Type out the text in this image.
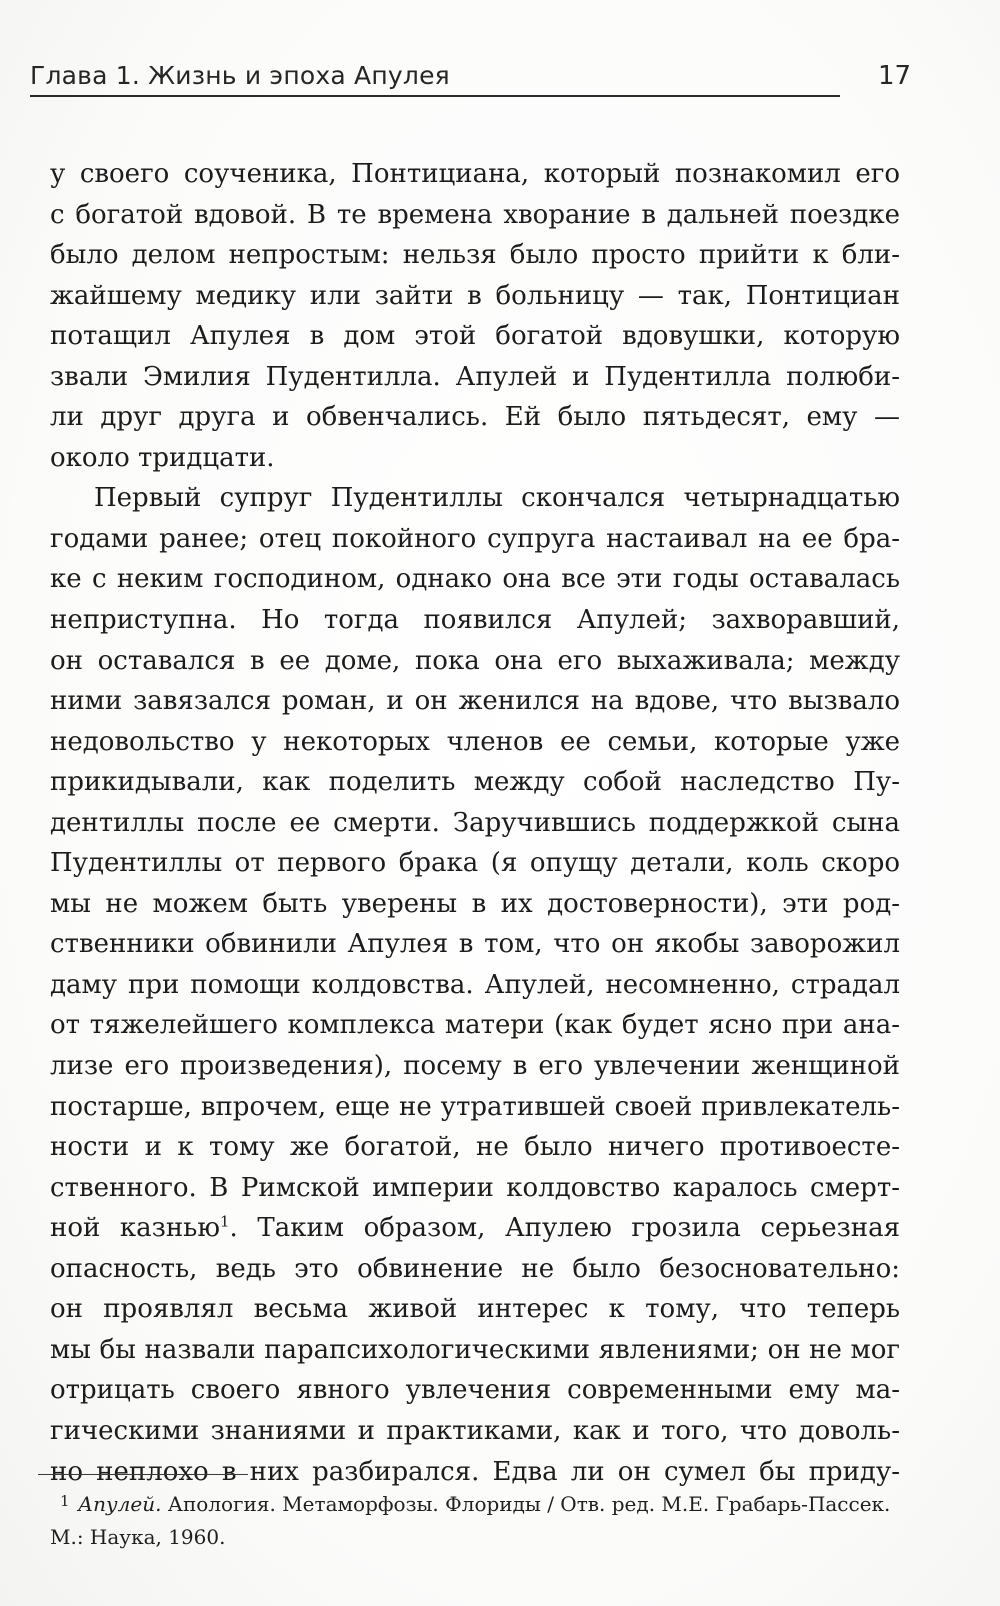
Глава 1. Жизнь и эпоха Апулея	17
у своего соученика, Понтициана, который познакомил его
с богатой вдовой. В те времена хворание в дальней поездке
было делом непростым: нельзя было просто прийти к бли-
жайшему медику или зайти в больницу — так, Понтициан
потащил Апулея в дом этой богатой вдовушки, которую
звали Эмилия Пудентилла. Апулей и Пудентилла полюби-
ли друг друга и обвенчались. Ей было пятьдесят, ему —
около тридцати.
Первый супруг Пудентиллы скончался четырнадцатью
годами ранее; отец покойного супруга настаивал на ее бра-
ке с неким господином, однако она все эти годы оставалась
неприступна. Но тогда появился Апулей; захворавший,
он оставался в ее доме, пока она его выхаживала; между
ними завязался роман, и он женился на вдове, что вызвало
недовольство у некоторых членов ее семьи, которые уже
прикидывали, как поделить между собой наследство Пу-
дентиллы после ее смерти. Заручившись поддержкой сына
Пудентиллы от первого брака (я опущу детали, коль скоро
мы не можем быть уверены в их достоверности), эти род-
ственники обвинили Апулея в том, что он якобы заворожил
даму при помощи колдовства. Апулей, несомненно, страдал
от тяжелейшего комплекса матери (как будет ясно при ана-
лизе его произведения), посему в его увлечении женщиной
постарше, впрочем, еще не утратившей своей привлекатель-
ности и к тому же богатой, не было ничего противоесте-
ственного. В Римской империи колдовство каралось смерт-
ной казнью$^1$. Таким образом, Апулею грозила серьезная
опасность, ведь это обвинение не было безосновательно:
он проявлял весьма живой интерес к тому, что теперь
мы бы назвали парапсихологическими явлениями; он не мог
отрицать своего явного увлечения современными ему ма-
гическими знаниями и практиками, как и того, что доволь-
но неплохо в них разбирался. Едва ли он сумел бы приду-
1 Апулей. Апология. Метаморфозы. Флориды / Отв. ред. М.Е. Грабарь-Пассек.
М.: Наука, 1960.
